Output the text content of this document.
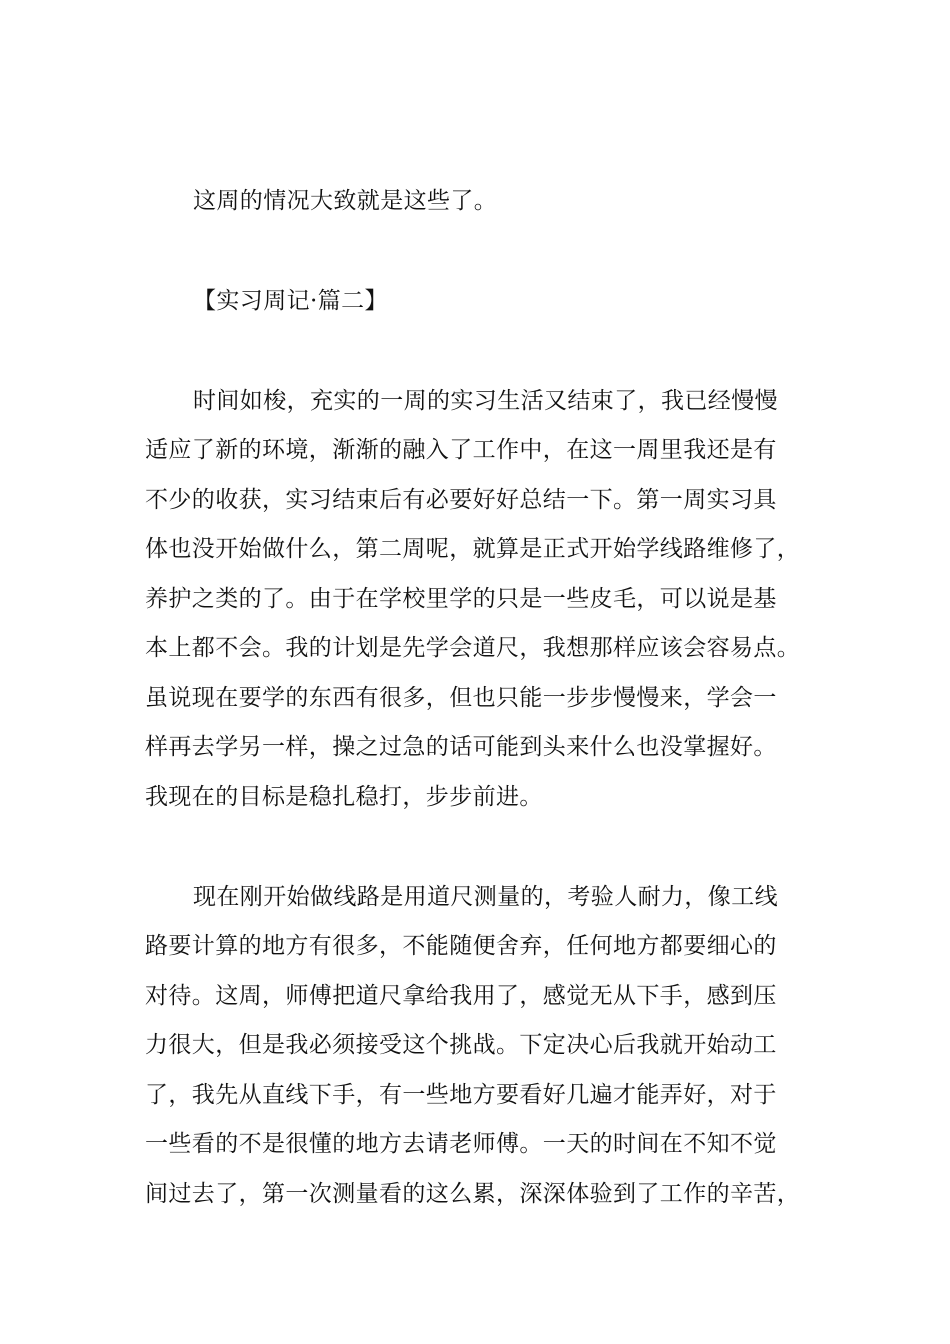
这周的情况大致就是这些了。
【实习周记·篇二】
时间如梭，充实的一周的实习生活又结束了，我已经慢慢
适应了新的环境，渐渐的融入了工作中，在这一周里我还是有
不少的收获，实习结束后有必要好好总结一下。第一周实习具
体也没开始做什么，第二周呢，就算是正式开始学线路维修了，
养护之类的了。由于在学校里学的只是一些皮毛，可以说是基
本上都不会。我的计划是先学会道尺，我想那样应该会容易点。
虽说现在要学的东西有很多，但也只能一步步慢慢来，学会一
样再去学另一样，操之过急的话可能到头来什么也没掌握好。
我现在的目标是稳扎稳打，步步前进。
现在刚开始做线路是用道尺测量的，考验人耐力，像工线
路要计算的地方有很多，不能随便舍弃，任何地方都要细心的
对待。这周，师傅把道尺拿给我用了，感觉无从下手，感到压
力很大，但是我必须接受这个挑战。下定决心后我就开始动工
了，我先从直线下手，有一些地方要看好几遍才能弄好，对于
一些看的不是很懂的地方去请老师傅。一天的时间在不知不觉
间过去了，第一次测量看的这么累，深深体验到了工作的辛苦，
